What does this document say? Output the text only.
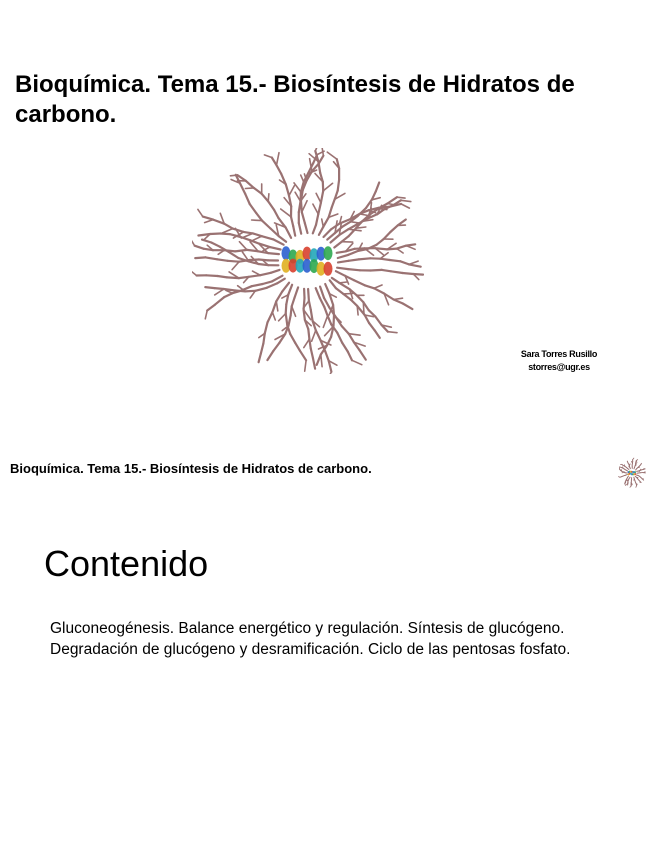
Bioquímica. Tema 15.- Biosíntesis de Hidratos de carbono.
Sara Torres Rusillo
storres@ugr.es
Bioquímica. Tema 15.- Biosíntesis de Hidratos de carbono.
Contenido

Gluconeogénesis. Balance energético y regulación. Síntesis de glucógeno. Degradación de glucógeno y desramificación. Ciclo de las pentosas fosfato.
